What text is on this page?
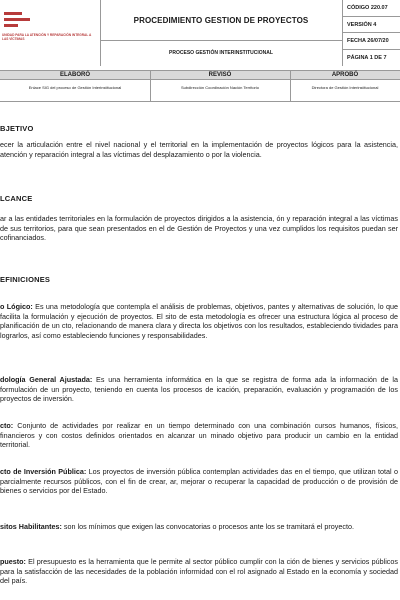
UNIDAD PARA LA ATENCIÓN Y REPARACIÓN INTEGRAL A LAS VÍCTIMAS
PROCEDIMIENTO GESTION DE PROYECTOS
PROCESO GESTIÓN INTERINSTITUCIONAL
CÓDIGO 220.07
VERSIÓN 4
FECHA 26/07/20
PÁGINA 1 DE 7
ELABORÓ	REVISÓ	APROBÓ
Enlace SIG del proceso de Gestión Interinstitucional	Subdirección Coordinación Nación Territorio	Directora de Gestión Interinstitucional
BJETIVO
ecer la articulación entre el nivel nacional y el territorial en la implementación de proyectos lógicos para la asistencia, atención y reparación integral a las víctimas del desplazamiento o por la violencia.
LCANCE
ar a las entidades territoriales en la formulación de proyectos dirigidos a la asistencia, ón y reparación integral a las víctimas de sus territorios, para que sean presentados en el de Gestión de Proyectos y una vez cumplidos los requisitos puedan ser cofinanciados.
EFINICIONES
o Lógico: Es una metodología que contempla el análisis de problemas, objetivos, pantes y alternativas de solución, lo que facilita la formulación y ejecución de proyectos. El sito de esta metodología es ofrecer una estructura lógica al proceso de planificación de un cto, relacionando de manera clara y directa los objetivos con los resultados, estableciendo tividades para lograrlos, así como estableciendo funciones y responsabilidades.
dología General Ajustada: Es una herramienta informática en la que se registra de forma ada la información de la formulación de un proyecto, teniendo en cuenta los procesos de icación, preparación, evaluación y programación de los proyectos de inversión.
cto: Conjunto de actividades por realizar en un tiempo determinado con una combinación cursos humanos, físicos, financieros y con costos definidos orientados en alcanzar un minado objetivo para producir un cambio en la entidad territorial.
cto de Inversión Pública: Los proyectos de inversión pública contemplan actividades das en el tiempo, que utilizan total o parcialmente recursos públicos, con el fin de crear, ar, mejorar o recuperar la capacidad de producción o de provisión de bienes o servicios por del Estado.
sitos Habilitantes: son los mínimos que exigen las convocatorias o procesos ante los se tramitará el proyecto.
puesto: El presupuesto es la herramienta que le permite al sector público cumplir con la ción de bienes y servicios públicos para la satisfacción de las necesidades de la población informidad con el rol asignado al Estado en la economía y sociedad del país.
